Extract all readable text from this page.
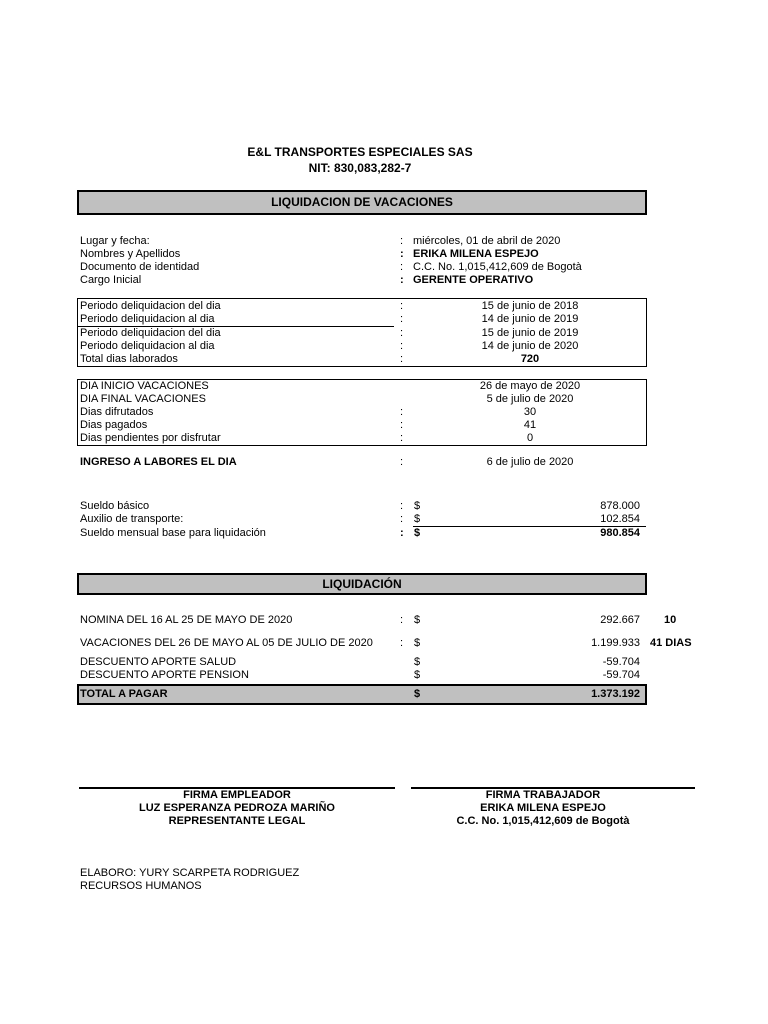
E&L TRANSPORTES ESPECIALES SAS
NIT: 830,083,282-7
LIQUIDACION DE VACACIONES
Lugar y fecha:	: miércoles, 01 de abril de 2020
Nombres y Apellidos	: ERIKA MILENA ESPEJO
Documento de identidad	: C.C. No. 1,015,412,609 de Bogotà
Cargo Inicial	: GERENTE OPERATIVO
Periodo deliquidacion del dia	:	15 de junio de 2018
Periodo deliquidacion al dia	:	14 de junio de 2019
Periodo deliquidacion del dia	:	15 de junio de 2019
Periodo deliquidacion al dia	:	14 de junio de 2020
Total dias laborados	:	720
DIA INICIO VACACIONES	26 de mayo de 2020
DIA FINAL VACACIONES	5 de julio de 2020
Dias difrutados	:	30
Dias pagados	:	41
Dias pendientes por disfrutar	:	0
INGRESO A LABORES EL DIA	:	6 de julio de 2020
Sueldo básico	: $	878.000
Auxilio de transporte:	: $	102.854
Sueldo mensual base para liquidación	: $	980.854
LIQUIDACIÓN
NOMINA DEL 16 AL 25 DE MAYO DE 2020	: $	292.667 10
VACACIONES DEL 26 DE MAYO AL 05 DE JULIO DE 2020 : $	1.199.933 41 DIAS
DESCUENTO APORTE SALUD	$	-59.704
DESCUENTO APORTE PENSION	$	-59.704
TOTAL A PAGAR	$	1.373.192
FIRMA EMPLEADOR
LUZ ESPERANZA PEDROZA MARIÑO
REPRESENTANTE LEGAL
FIRMA TRABAJADOR
ERIKA MILENA ESPEJO
C.C. No. 1,015,412,609 de Bogotà
ELABORO: YURY SCARPETA RODRIGUEZ
RECURSOS HUMANOS
